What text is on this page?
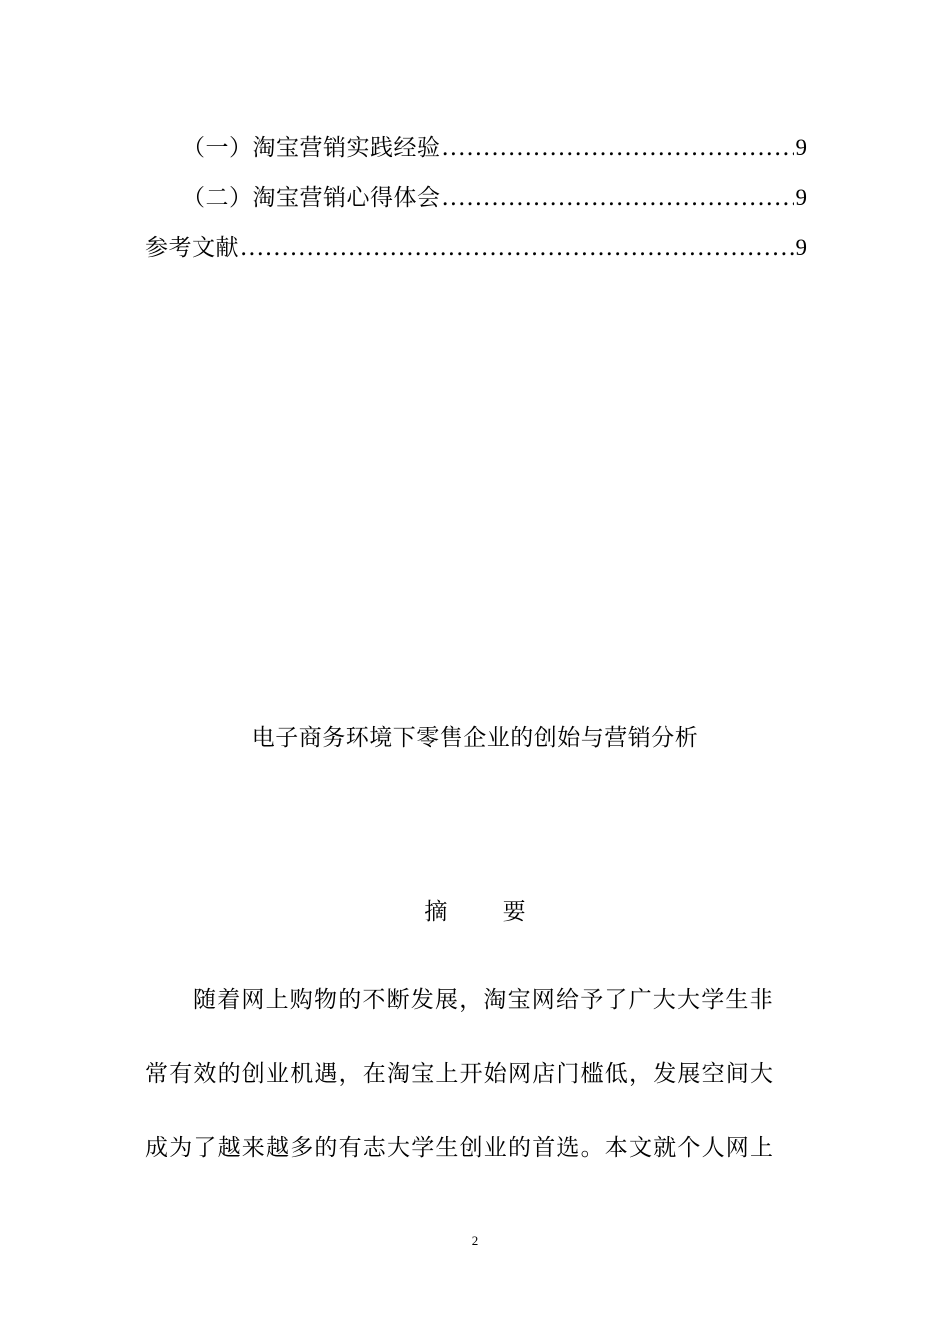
（一）淘宝营销实践经验 .....	9
（二）淘宝营销心得体会 .....	9
参考文献 .....	9
电子商务环境下零售企业的创始与营销分析
摘 要
随着网上购物的不断发展，淘宝网给予了广大大学生非
常有效的创业机遇，在淘宝上开始网店门槛低，发展空间大
成为了越来越多的有志大学生创业的首选。本文就个人网上
2
